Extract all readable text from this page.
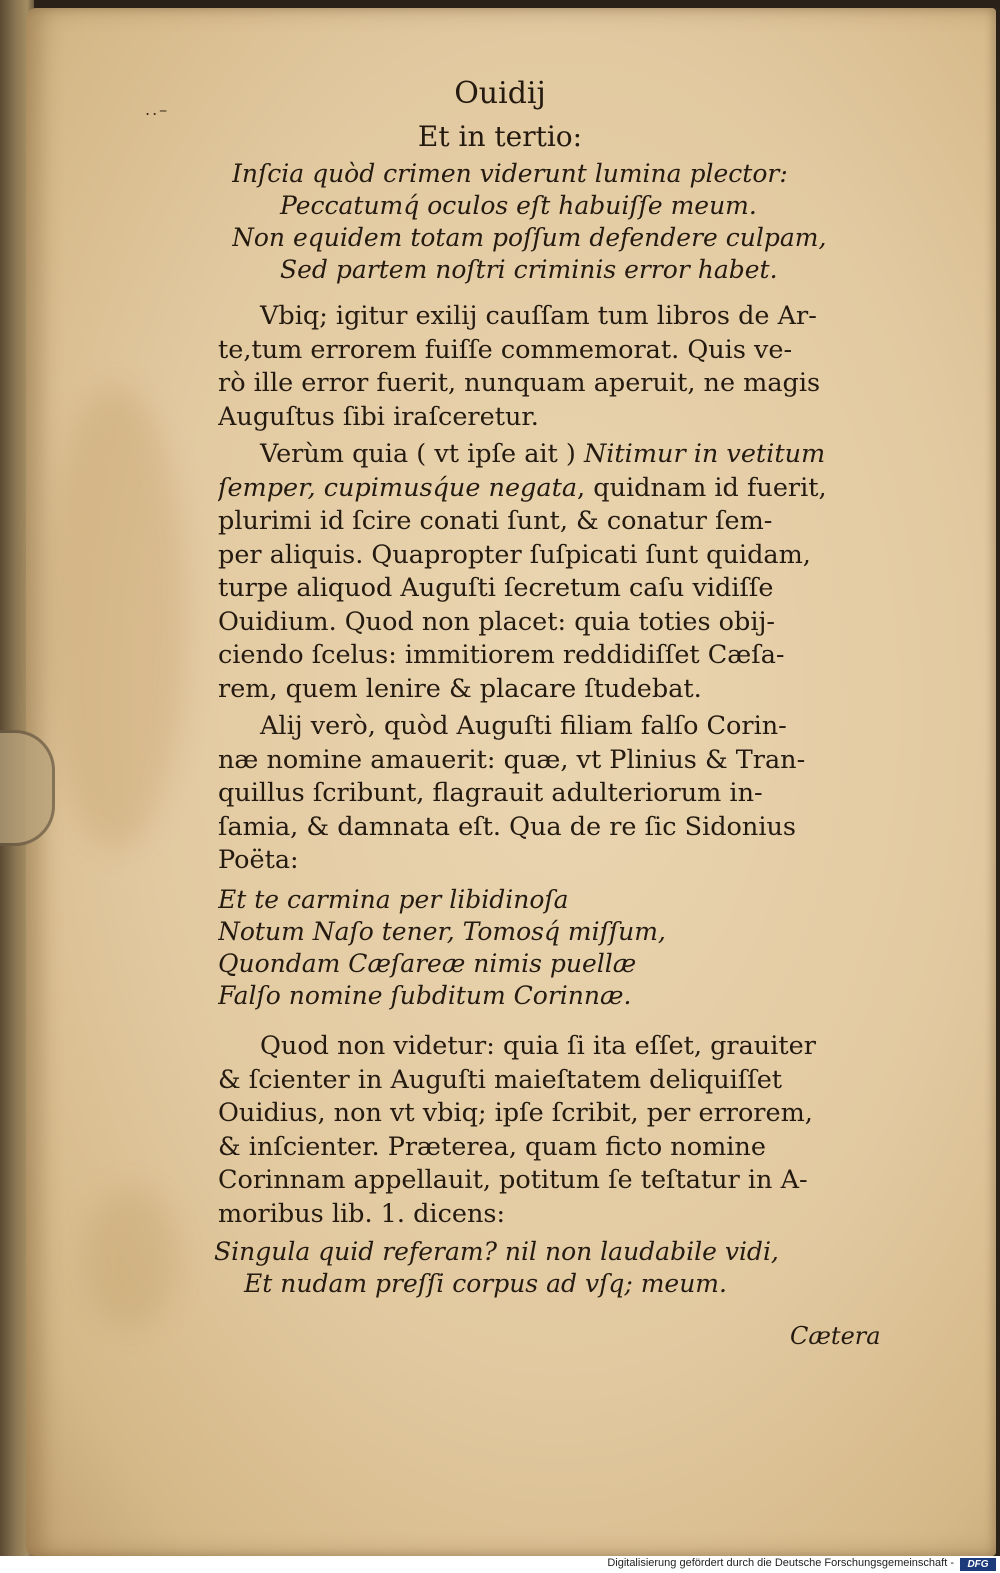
..–	Ouidij
Et in tertio:
Inſcia quòd crimen viderunt lumina plector:
Peccatumq́ oculos eſt habuiſſe meum.
Non equidem totam poſſum defendere culpam,
Sed partem noſtri criminis error habet.
Vbiq; igitur exilij cauſſam tum libros de Ar-
te,tum errorem fuiſſe commemorat. Quis ve-
rò ille error fuerit, nunquam aperuit, ne magis
Auguſtus ſibi iraſceretur.
Verùm quia ( vt ipſe ait ) Nitimur in vetitum
ſemper, cupimusq́ue negata, quidnam id fuerit,
plurimi id ſcire conati ſunt, & conatur ſem-
per aliquis. Quapropter ſuſpicati ſunt quidam,
turpe aliquod Auguſti ſecretum caſu vidiſſe
Ouidium. Quod non placet: quia toties obij-
ciendo ſcelus: immitiorem reddidiſſet Cæſa-
rem, quem lenire & placare ſtudebat.
Alij verò, quòd Auguſti filiam falſo Corin-
næ nomine amauerit: quæ, vt Plinius & Tran-
quillus ſcribunt, flagrauit adulteriorum in-
ſamia, & damnata eſt. Qua de re ſic Sidonius
Poëta:
Et te carmina per libidinoſa
Notum Naſo tener, Tomosq́ miſſum,
Quondam Cæſareæ nimis puellæ
Falſo nomine ſubditum Corinnæ.
Quod non videtur: quia ſi ita eſſet, grauiter
& ſcienter in Auguſti maieſtatem deliquiſſet
Ouidius, non vt vbiq; ipſe ſcribit, per errorem,
& inſcienter. Præterea, quam ficto nomine
Corinnam appellauit, potitum ſe teſtatur in A-
moribus lib. 1. dicens:
Singula quid referam? nil non laudabile vidi,
Et nudam preſſi corpus ad vſq; meum.
Cætera
Digitalisierung gefördert durch die Deutsche Forschungsgemeinschaft -	DFG
